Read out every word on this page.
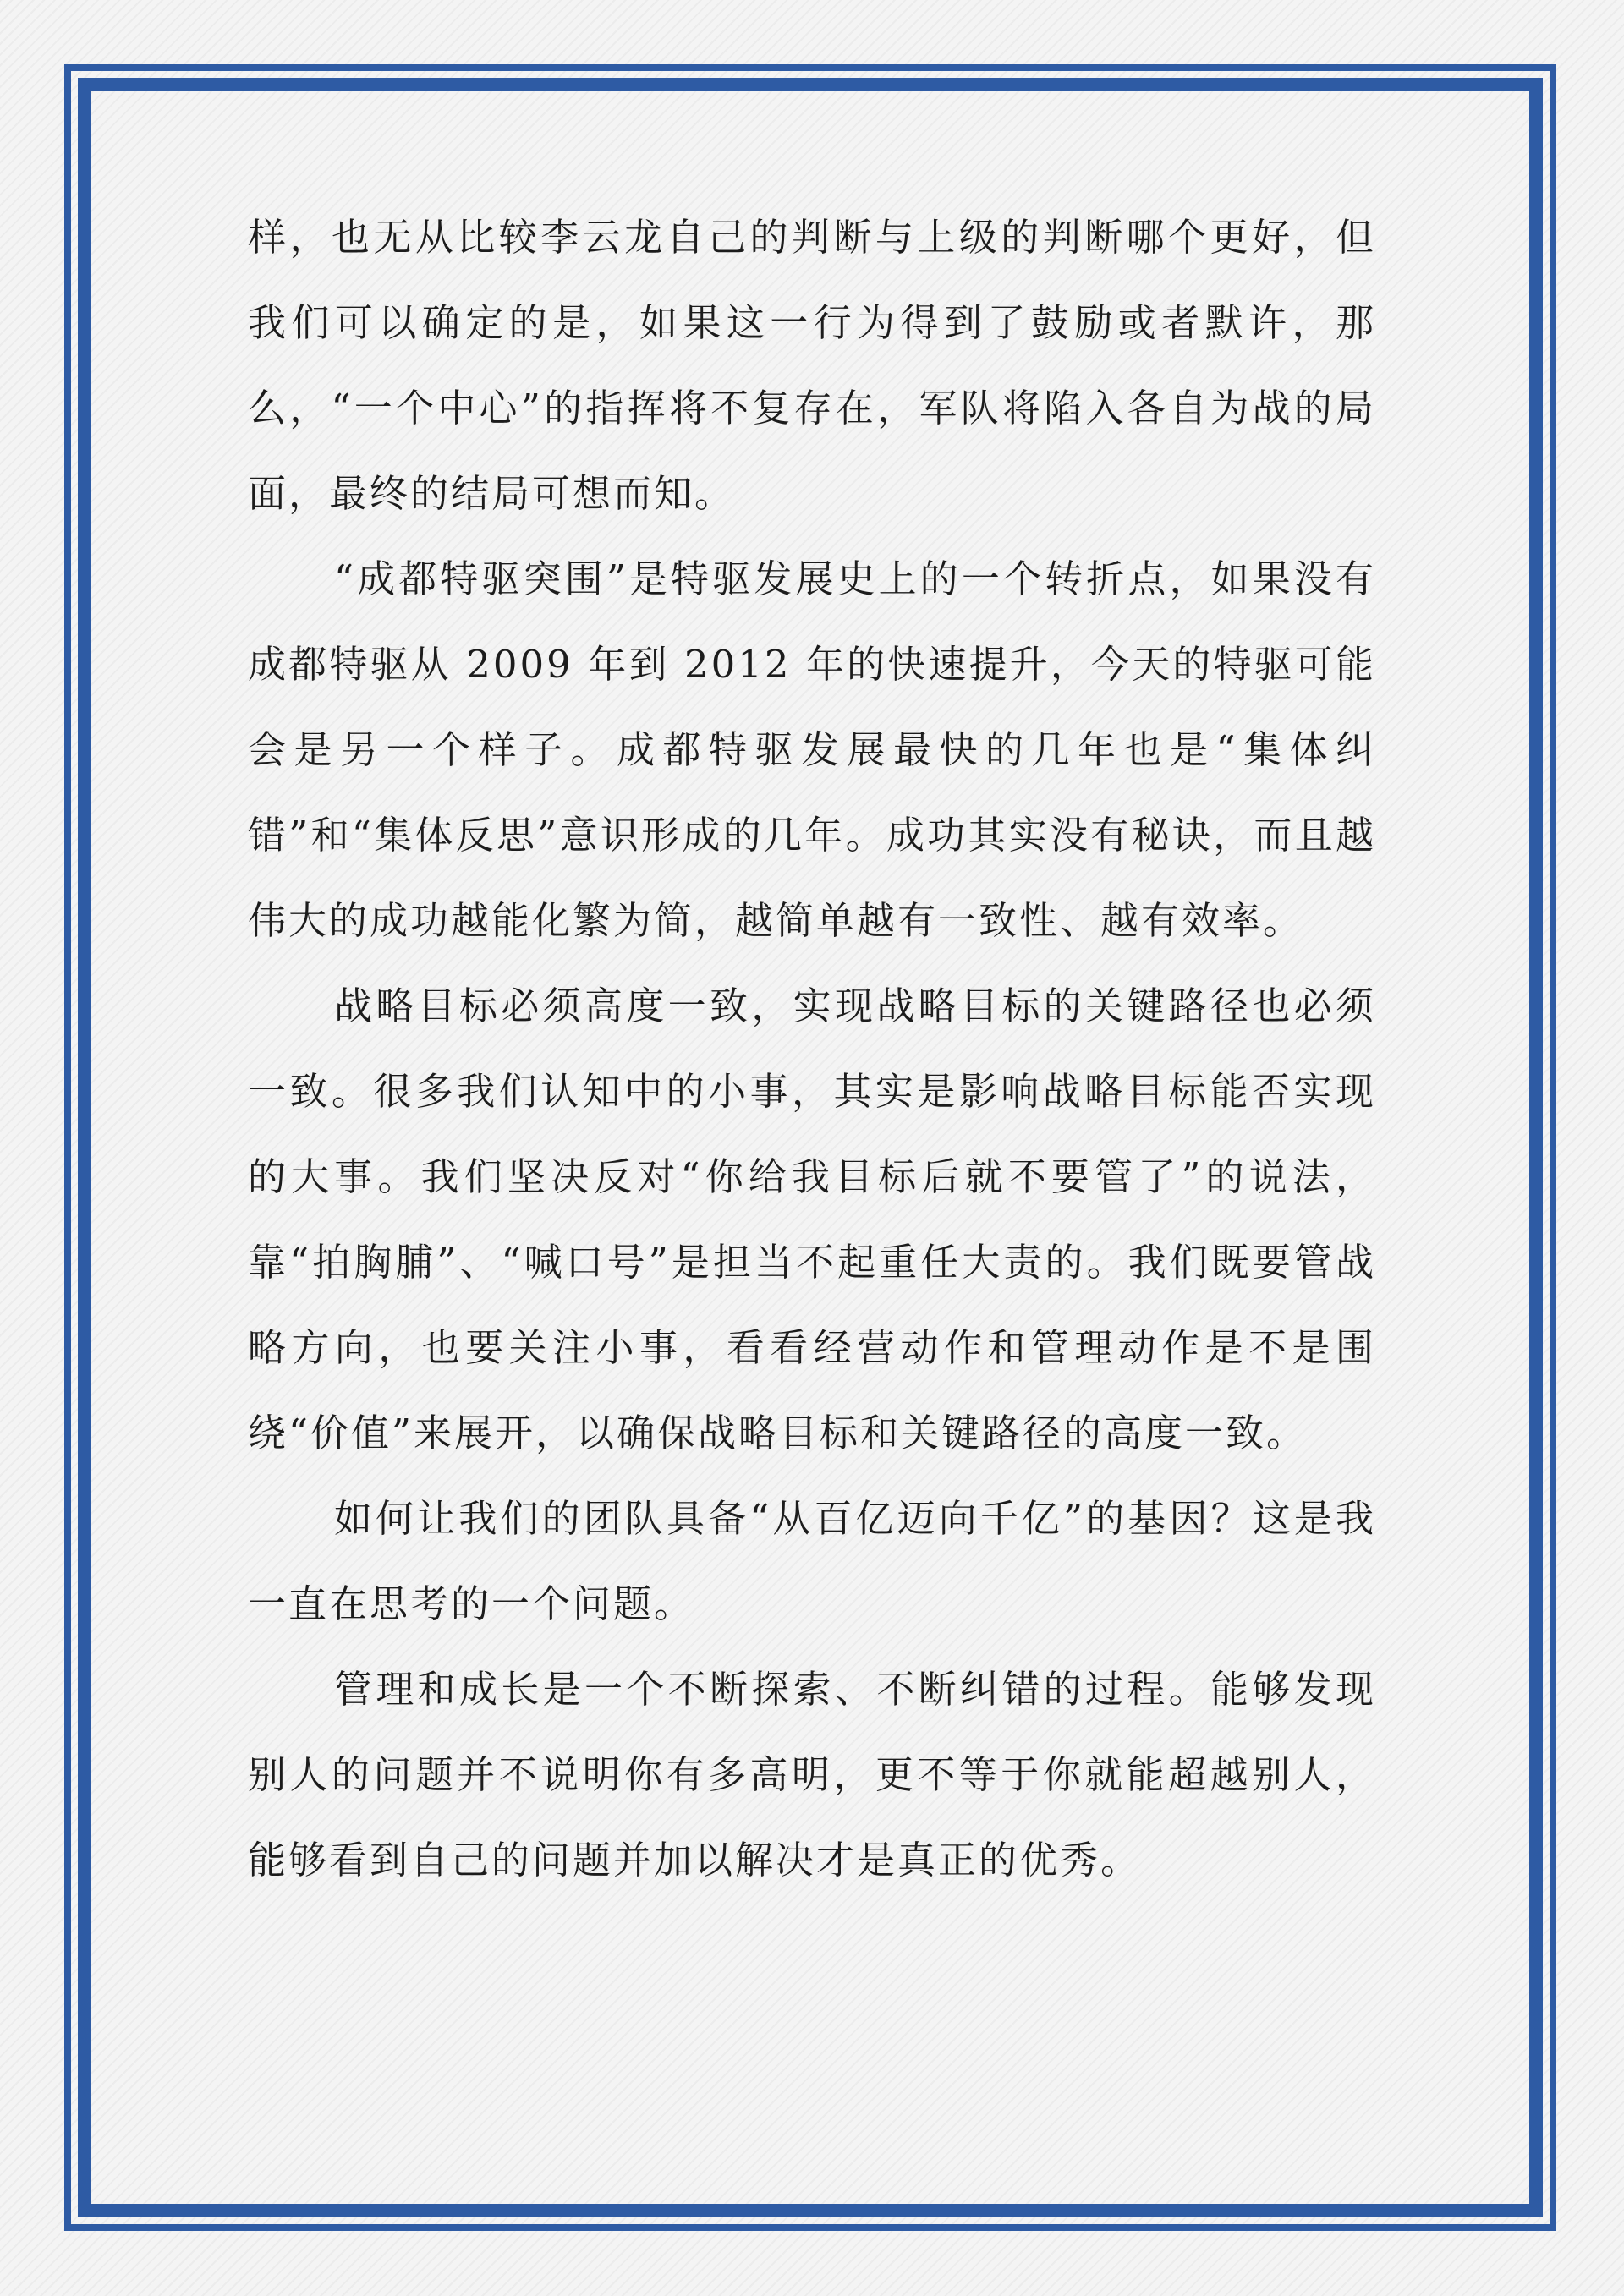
样，也无从比较李云龙自己的判断与上级的判断哪个更好，但我们可以确定的是，如果这一行为得到了鼓励或者默许，那么，“一个中心”的指挥将不复存在，军队将陷入各自为战的局面，最终的结局可想而知。

“成都特驱突围”是特驱发展史上的一个转折点，如果没有成都特驱从 2009 年到 2012 年的快速提升，今天的特驱可能会是另一个样子。成都特驱发展最快的几年也是“集体纠错”和“集体反思”意识形成的几年。成功其实没有秘诀，而且越伟大的成功越能化繁为简，越简单越有一致性、越有效率。

战略目标必须高度一致，实现战略目标的关键路径也必须一致。很多我们认知中的小事，其实是影响战略目标能否实现的大事。我们坚决反对“你给我目标后就不要管了”的说法，靠“拍胸脯”、“喊口号”是担当不起重任大责的。我们既要管战略方向，也要关注小事，看看经营动作和管理动作是不是围绕“价值”来展开，以确保战略目标和关键路径的高度一致。

如何让我们的团队具备“从百亿迈向千亿”的基因？这是我一直在思考的一个问题。

管理和成长是一个不断探索、不断纠错的过程。能够发现别人的问题并不说明你有多高明，更不等于你就能超越别人，能够看到自己的问题并加以解决才是真正的优秀。
